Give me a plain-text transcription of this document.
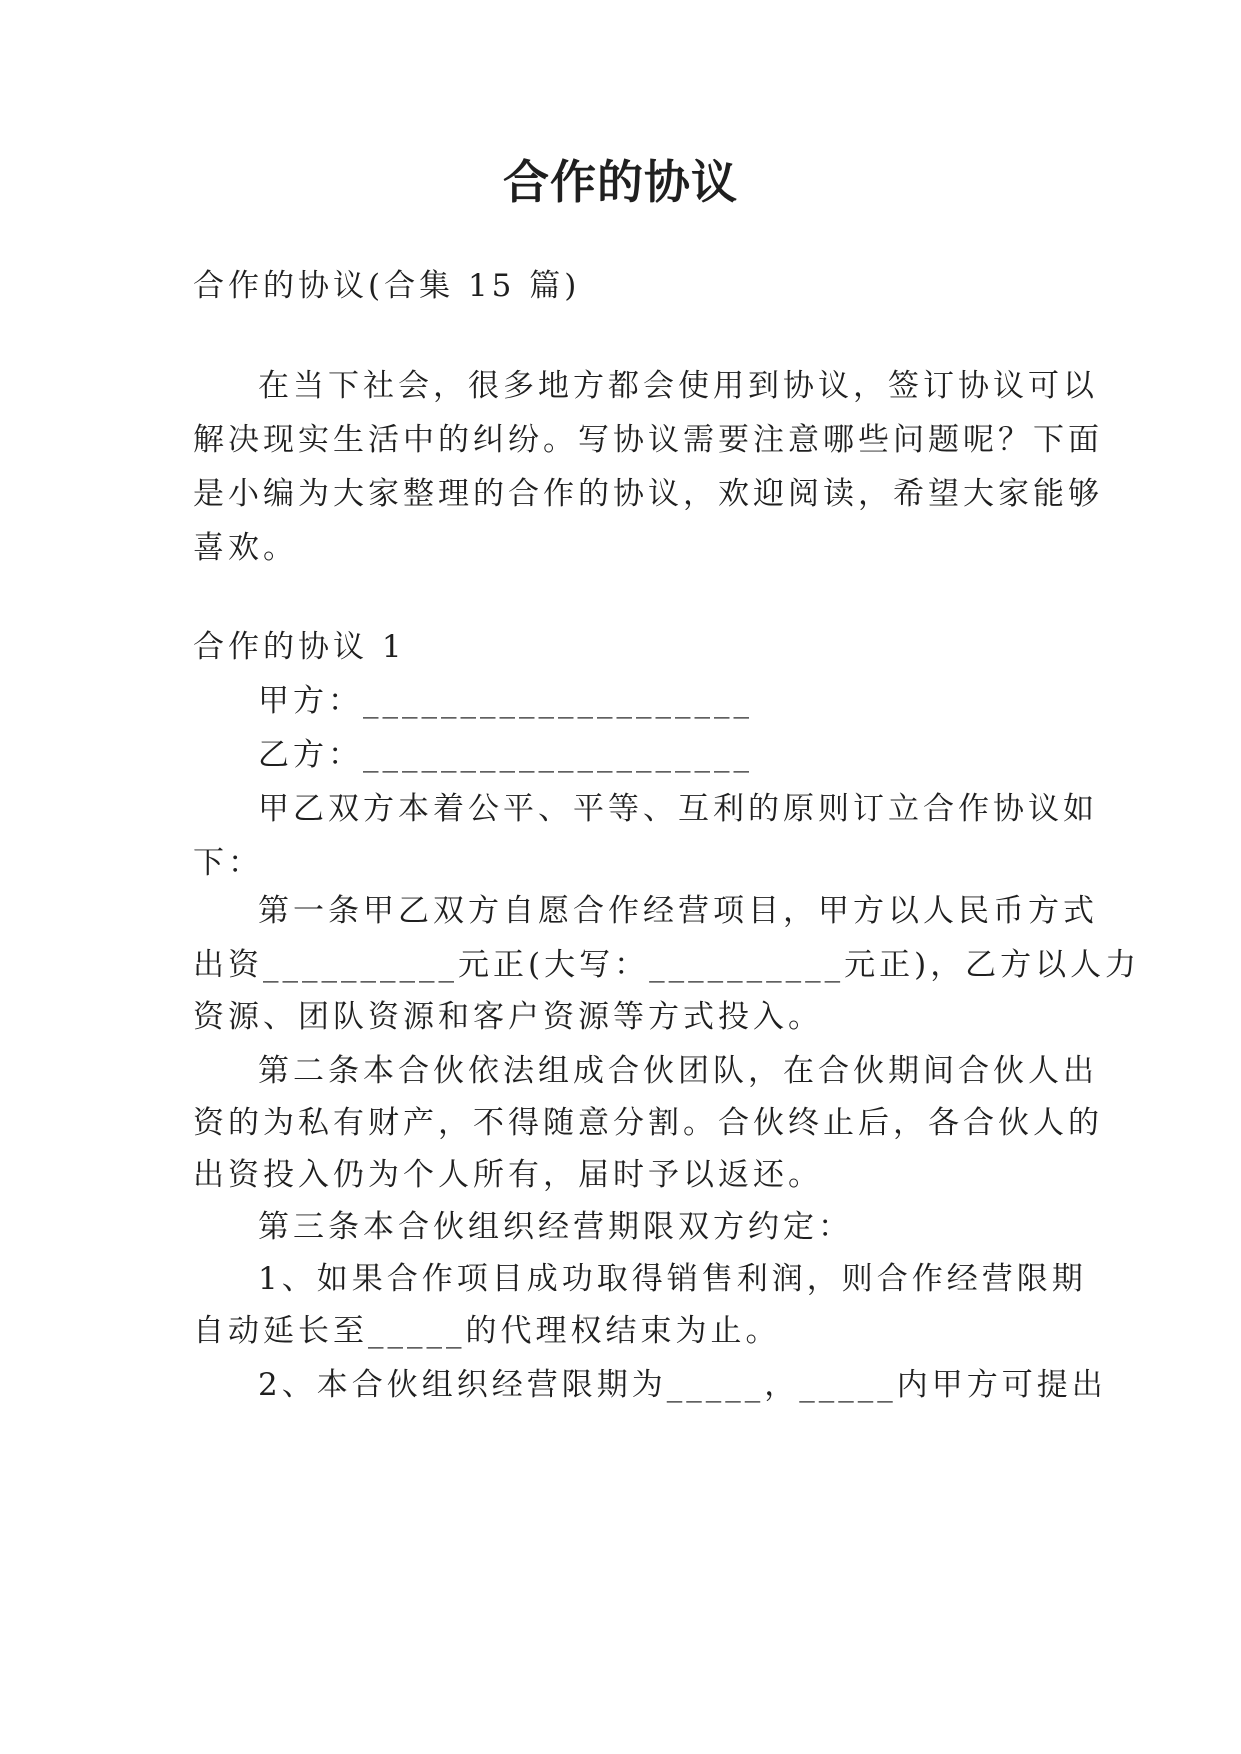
合作的协议
合作的协议(合集 15 篇)
在当下社会，很多地方都会使用到协议，签订协议可以
解决现实生活中的纠纷。写协议需要注意哪些问题呢？下面
是小编为大家整理的合作的协议，欢迎阅读，希望大家能够
喜欢。
合作的协议 1
甲方：____________________
乙方：____________________
甲乙双方本着公平、平等、互利的原则订立合作协议如
下：
第一条甲乙双方自愿合作经营项目，甲方以人民币方式
出资__________元正(大写：__________元正)，乙方以人力
资源、团队资源和客户资源等方式投入。
第二条本合伙依法组成合伙团队，在合伙期间合伙人出
资的为私有财产，不得随意分割。合伙终止后，各合伙人的
出资投入仍为个人所有，届时予以返还。
第三条本合伙组织经营期限双方约定：
1、如果合作项目成功取得销售利润，则合作经营限期
自动延长至_____的代理权结束为止。
2、本合伙组织经营限期为_____，_____内甲方可提出
